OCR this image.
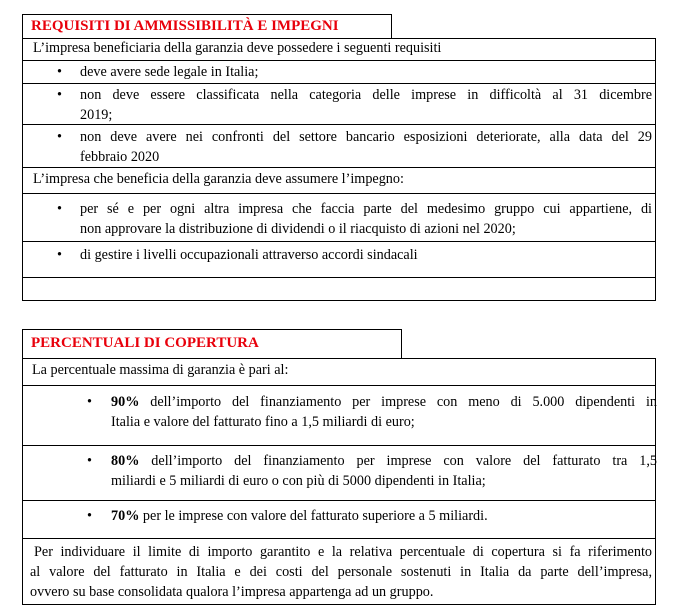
REQUISITI DI AMMISSIBILITÀ E IMPEGNI
L’impresa beneficiaria della garanzia deve possedere i seguenti requisiti
• deve avere sede legale in Italia;
• non deve essere classificata nella categoria delle imprese in difficoltà al 31 dicembre
2019;
• non deve avere nei confronti del settore bancario esposizioni deteriorate, alla data del 29
febbraio 2020
L’impresa che beneficia della garanzia deve assumere l’impegno:
• per sé e per ogni altra impresa che faccia parte del medesimo gruppo cui appartiene, di
non approvare la distribuzione di dividendi o il riacquisto di azioni nel 2020;
• di gestire i livelli occupazionali attraverso accordi sindacali
PERCENTUALI DI COPERTURA
La percentuale massima di garanzia è pari al:
• 90% dell’importo del finanziamento per imprese con meno di 5.000 dipendenti in
Italia e valore del fatturato fino a 1,5 miliardi di euro;
• 80% dell’importo del finanziamento per imprese con valore del fatturato tra 1,5
miliardi e 5 miliardi di euro o con più di 5000 dipendenti in Italia;
• 70% per le imprese con valore del fatturato superiore a 5 miliardi.
Per individuare il limite di importo garantito e la relativa percentuale di copertura si fa riferimento
al valore del fatturato in Italia e dei costi del personale sostenuti in Italia da parte dell’impresa,
ovvero su base consolidata qualora l’impresa appartenga ad un gruppo.
